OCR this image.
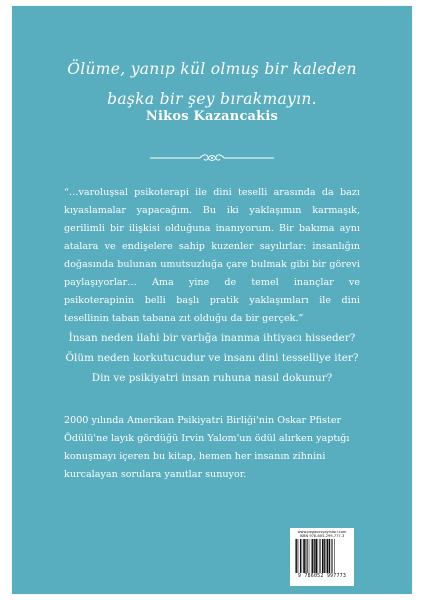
Ölüme, yanıp kül olmuş bir kaleden
başka bir şey bırakmayın.
Nikos Kazancakis
“…varoluşsal psikoterapi ile dini teselli arasında da bazı kıyaslamalar yapacağım. Bu iki yaklaşımın karmaşık, gerilimli bir ilişkisi olduğuna inanıyorum. Bir bakıma aynı atalara ve endişelere sahip kuzenler sayılırlar: insanlığın doğasında bulunan umutsuzluğa çare bulmak gibi bir görevi paylaşıyorlar… Ama yine de temel inançlar ve psikoterapinin belli başlı pratik yaklaşımları ile dini tesellinin taban tabana zıt olduğu da bir gerçek.”
İnsan neden ilahi bir varlığa inanma ihtiyacı hisseder?
Ölüm neden korkutucudur ve insanı dini tesselliye iter?
Din ve psikiyatri insan ruhuna nasıl dokunur?
2000 yılında Amerikan Psikiyatri Birliği'nin Oskar Pfister Ödülü'ne layık gördüğü Irvin Yalom'un ödül alırken yaptığı konuşmayı içeren bu kitap, hemen her insanın zihnini kurcalayan sorulara yanıtlar sunuyor.
www.pegasusyayinlari.com
ISBN 978-605-299-777-3
9 786052 997773
